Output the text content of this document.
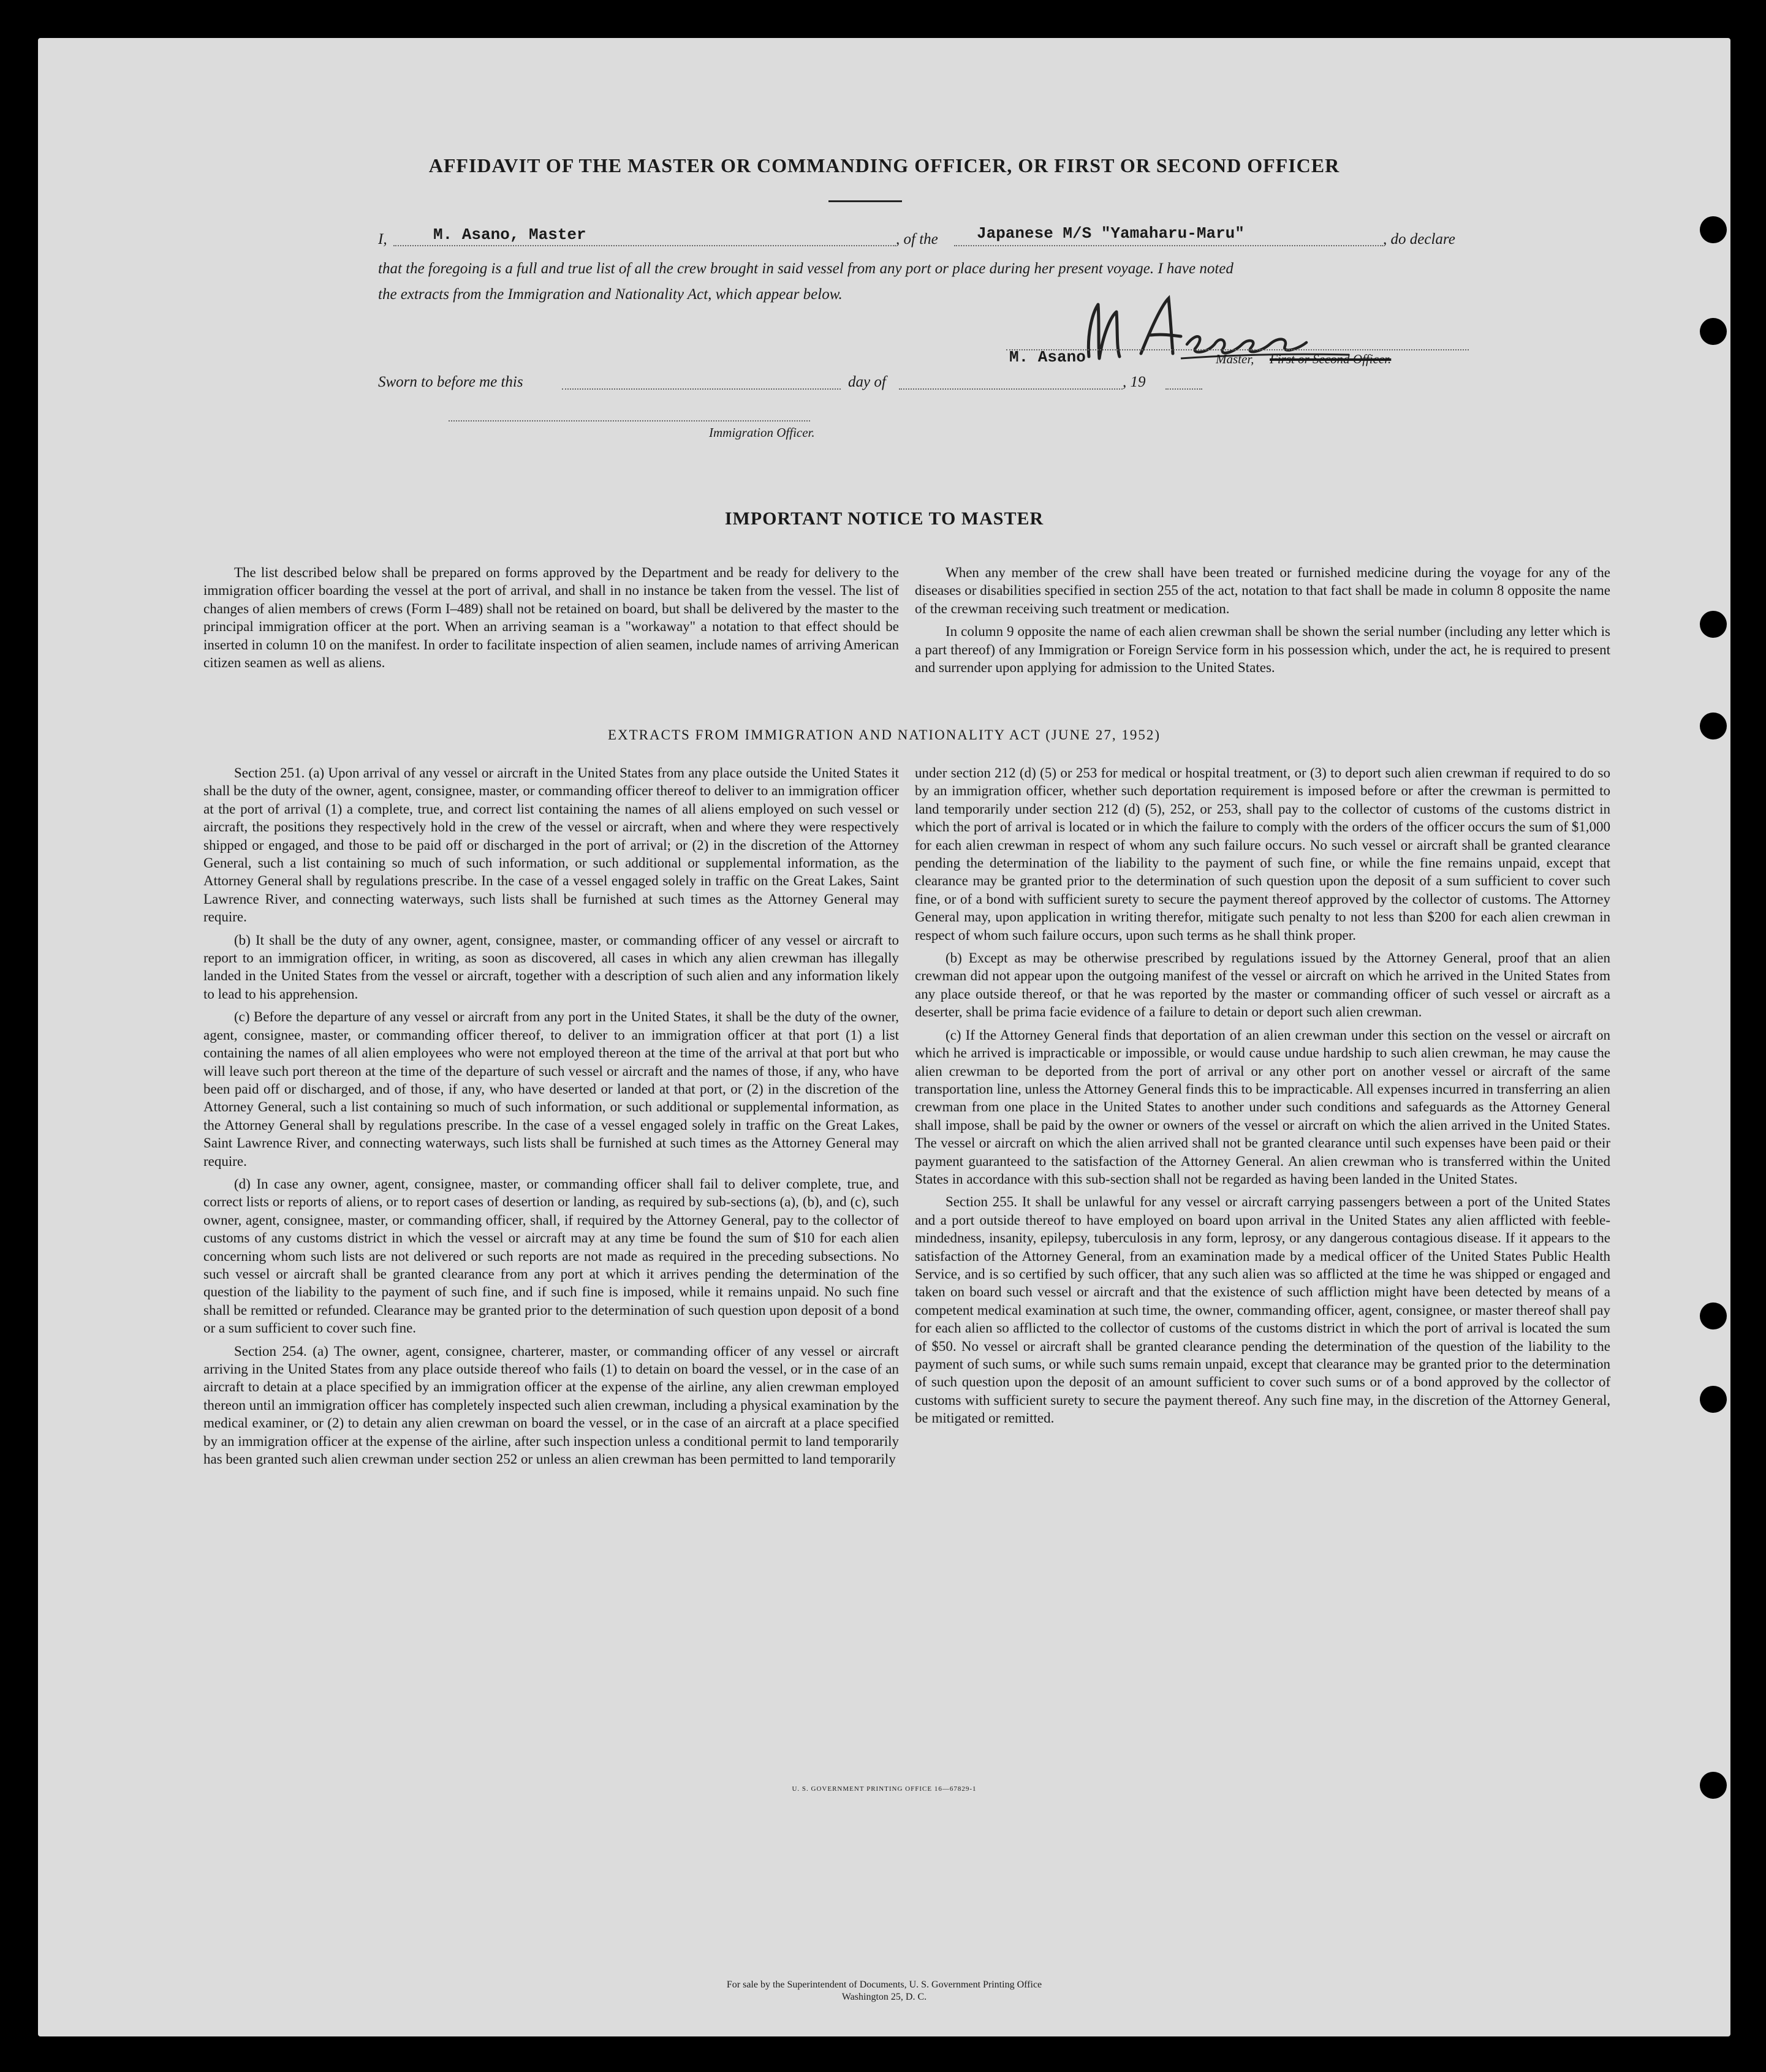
AFFIDAVIT OF THE MASTER OR COMMANDING OFFICER, OR FIRST OR SECOND OFFICER
I,	M. Asano, Master	, of the Japanese M/S "Yamaharu-Maru"	, do declare
that the foregoing is a full and true list of all the crew brought in said vessel from any port or place during her present voyage. I have noted
the extracts from the Immigration and Nationality Act, which appear below.
M. Asano	Master, First or Second Officer.
Sworn to before me this	day of	, 19
Immigration Officer.
IMPORTANT NOTICE TO MASTER

The list described below shall be prepared on forms approved by the Department and be ready for delivery to the immigration officer boarding the vessel at the port of arrival, and shall in no instance be taken from the vessel. The list of changes of alien members of crews (Form I–489) shall not be retained on board, but shall be delivered by the master to the principal immigration officer at the port. When an arriving seaman is a "workaway" a notation to that effect should be inserted in column 10 on the manifest. In order to facilitate inspection of alien seamen, include names of arriving American citizen seamen as well as aliens.

When any member of the crew shall have been treated or furnished medicine during the voyage for any of the diseases or disabilities specified in section 255 of the act, notation to that fact shall be made in column 8 opposite the name of the crewman receiving such treatment or medication.

In column 9 opposite the name of each alien crewman shall be shown the serial number (including any letter which is a part thereof) of any Immigration or Foreign Service form in his possession which, under the act, he is required to present and surrender upon applying for admission to the United States.

EXTRACTS FROM IMMIGRATION AND NATIONALITY ACT (JUNE 27, 1952)

Section 251. (a) Upon arrival of any vessel or aircraft in the United States from any place outside the United States it shall be the duty of the owner, agent, consignee, master, or commanding officer thereof to deliver to an immigration officer at the port of arrival (1) a complete, true, and correct list containing the names of all aliens employed on such vessel or aircraft, the positions they respectively hold in the crew of the vessel or aircraft, when and where they were respectively shipped or engaged, and those to be paid off or discharged in the port of arrival; or (2) in the discretion of the Attorney General, such a list containing so much of such information, or such additional or supplemental information, as the Attorney General shall by regulations prescribe. In the case of a vessel engaged solely in traffic on the Great Lakes, Saint Lawrence River, and connecting waterways, such lists shall be furnished at such times as the Attorney General may require.

(b) It shall be the duty of any owner, agent, consignee, master, or commanding officer of any vessel or aircraft to report to an immigration officer, in writing, as soon as discovered, all cases in which any alien crewman has illegally landed in the United States from the vessel or aircraft, together with a description of such alien and any information likely to lead to his apprehension.

(c) Before the departure of any vessel or aircraft from any port in the United States, it shall be the duty of the owner, agent, consignee, master, or commanding officer thereof, to deliver to an immigration officer at that port (1) a list containing the names of all alien employees who were not employed thereon at the time of the arrival at that port but who will leave such port thereon at the time of the departure of such vessel or aircraft and the names of those, if any, who have been paid off or discharged, and of those, if any, who have deserted or landed at that port, or (2) in the discretion of the Attorney General, such a list containing so much of such information, or such additional or supplemental information, as the Attorney General shall by regulations prescribe. In the case of a vessel engaged solely in traffic on the Great Lakes, Saint Lawrence River, and connecting waterways, such lists shall be furnished at such times as the Attorney General may require.

(d) In case any owner, agent, consignee, master, or commanding officer shall fail to deliver complete, true, and correct lists or reports of aliens, or to report cases of desertion or landing, as required by sub-sections (a), (b), and (c), such owner, agent, consignee, master, or commanding officer, shall, if required by the Attorney General, pay to the collector of customs of any customs district in which the vessel or aircraft may at any time be found the sum of $10 for each alien concerning whom such lists are not delivered or such reports are not made as required in the preceding subsections. No such vessel or aircraft shall be granted clearance from any port at which it arrives pending the determination of the question of the liability to the payment of such fine, and if such fine is imposed, while it remains unpaid. No such fine shall be remitted or refunded. Clearance may be granted prior to the determination of such question upon deposit of a bond or a sum sufficient to cover such fine.

Section 254. (a) The owner, agent, consignee, charterer, master, or commanding officer of any vessel or aircraft arriving in the United States from any place outside thereof who fails (1) to detain on board the vessel, or in the case of an aircraft to detain at a place specified by an immigration officer at the expense of the airline, any alien crewman employed thereon until an immigration officer has completely inspected such alien crewman, including a physical examination by the medical examiner, or (2) to detain any alien crewman on board the vessel, or in the case of an aircraft at a place specified by an immigration officer at the expense of the airline, after such inspection unless a conditional permit to land temporarily has been granted such alien crewman under section 252 or unless an alien crewman has been permitted to land temporarily

under section 212 (d) (5) or 253 for medical or hospital treatment, or (3) to deport such alien crewman if required to do so by an immigration officer, whether such deportation requirement is imposed before or after the crewman is permitted to land temporarily under section 212 (d) (5), 252, or 253, shall pay to the collector of customs of the customs district in which the port of arrival is located or in which the failure to comply with the orders of the officer occurs the sum of $1,000 for each alien crewman in respect of whom any such failure occurs. No such vessel or aircraft shall be granted clearance pending the determination of the liability to the payment of such fine, or while the fine remains unpaid, except that clearance may be granted prior to the determination of such question upon the deposit of a sum sufficient to cover such fine, or of a bond with sufficient surety to secure the payment thereof approved by the collector of customs. The Attorney General may, upon application in writing therefor, mitigate such penalty to not less than $200 for each alien crewman in respect of whom such failure occurs, upon such terms as he shall think proper.

(b) Except as may be otherwise prescribed by regulations issued by the Attorney General, proof that an alien crewman did not appear upon the outgoing manifest of the vessel or aircraft on which he arrived in the United States from any place outside thereof, or that he was reported by the master or commanding officer of such vessel or aircraft as a deserter, shall be prima facie evidence of a failure to detain or deport such alien crewman.

(c) If the Attorney General finds that deportation of an alien crewman under this section on the vessel or aircraft on which he arrived is impracticable or impossible, or would cause undue hardship to such alien crewman, he may cause the alien crewman to be deported from the port of arrival or any other port on another vessel or aircraft of the same transportation line, unless the Attorney General finds this to be impracticable. All expenses incurred in transferring an alien crewman from one place in the United States to another under such conditions and safeguards as the Attorney General shall impose, shall be paid by the owner or owners of the vessel or aircraft on which the alien arrived in the United States. The vessel or aircraft on which the alien arrived shall not be granted clearance until such expenses have been paid or their payment guaranteed to the satisfaction of the Attorney General. An alien crewman who is transferred within the United States in accordance with this sub-section shall not be regarded as having been landed in the United States.

Section 255. It shall be unlawful for any vessel or aircraft carrying passengers between a port of the United States and a port outside thereof to have employed on board upon arrival in the United States any alien afflicted with feeble-mindedness, insanity, epilepsy, tuberculosis in any form, leprosy, or any dangerous contagious disease. If it appears to the satisfaction of the Attorney General, from an examination made by a medical officer of the United States Public Health Service, and is so certified by such officer, that any such alien was so afflicted at the time he was shipped or engaged and taken on board such vessel or aircraft and that the existence of such affliction might have been detected by means of a competent medical examination at such time, the owner, commanding officer, agent, consignee, or master thereof shall pay for each alien so afflicted to the collector of customs of the customs district in which the port of arrival is located the sum of $50. No vessel or aircraft shall be granted clearance pending the determination of the question of the liability to the payment of such sums, or while such sums remain unpaid, except that clearance may be granted prior to the determination of such question upon the deposit of an amount sufficient to cover such sums or of a bond approved by the collector of customs with sufficient surety to secure the payment thereof. Any such fine may, in the discretion of the Attorney General, be mitigated or remitted.

U. S. GOVERNMENT PRINTING OFFICE 16—67829-1
For sale by the Superintendent of Documents, U. S. Government Printing Office
Washington 25, D. C.
